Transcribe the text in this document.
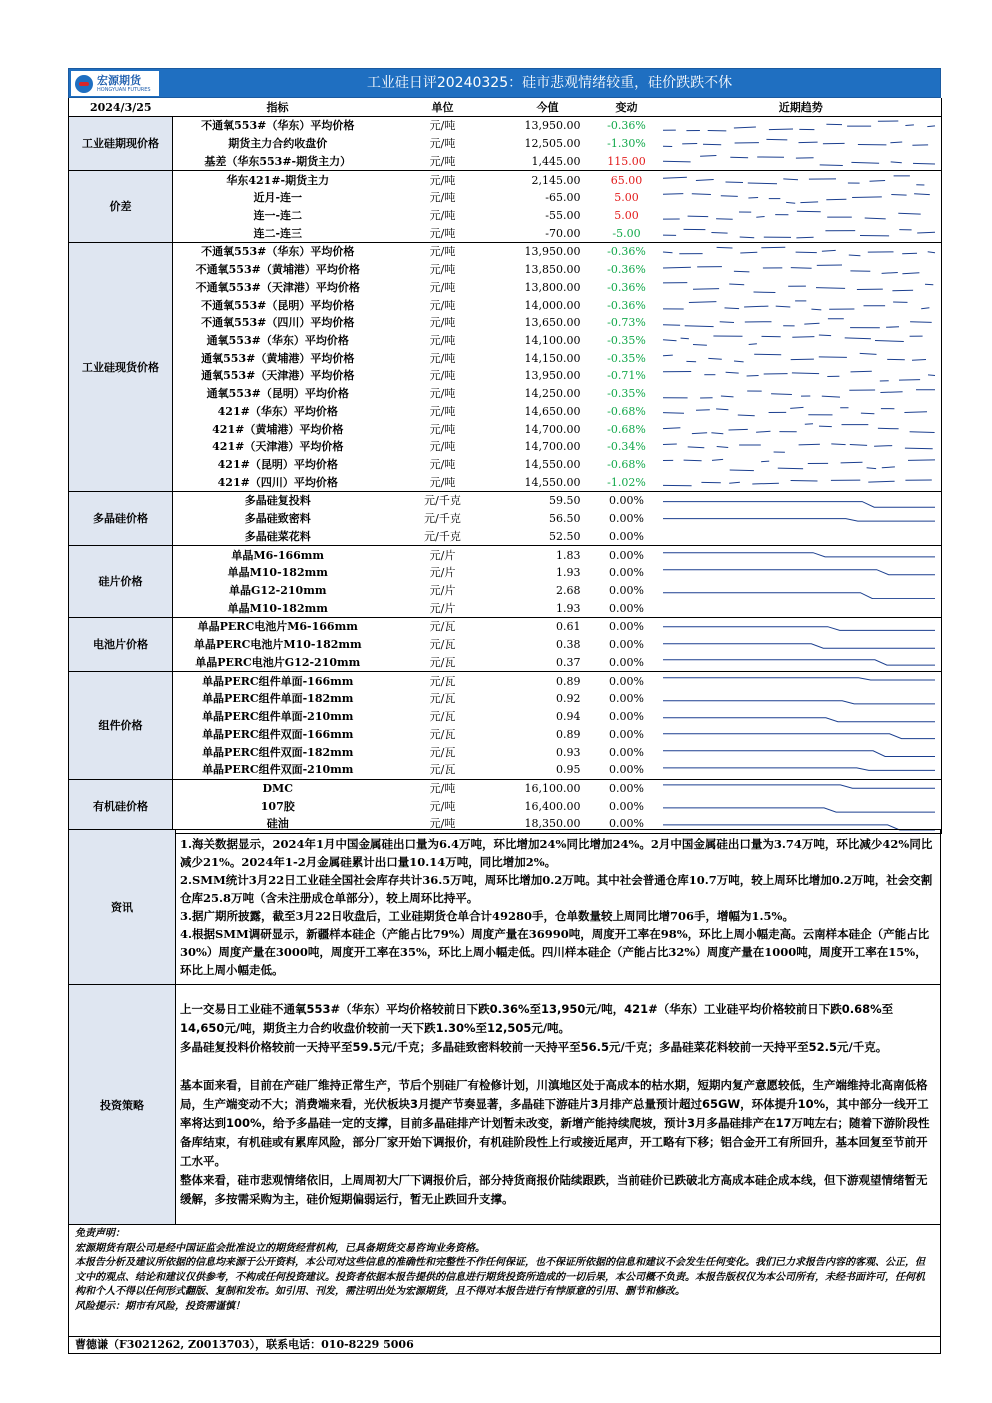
宏源期货
HONGYUAN FUTURES	工业硅日评20240325：硅市悲观情绪较重，硅价跌跌不休
2024/3/25	指标	单位	今值	变动	近期趋势
工业硅期现价格	不通氧553#（华东）平均价格	元/吨	13,950.00	-0.36%	

	期货主力合约收盘价	元/吨	12,505.00	-1.30%	

	基差（华东553#-期货主力）	元/吨	1,445.00	115.00	

价差	华东421#-期货主力	元/吨	2,145.00	65.00	

	近月-连一	元/吨	-65.00	5.00	

	连一-连二	元/吨	-55.00	5.00	

	连二-连三	元/吨	-70.00	-5.00	

工业硅现货价格	不通氧553#（华东）平均价格	元/吨	13,950.00	-0.36%	

	不通氧553#（黄埔港）平均价格	元/吨	13,850.00	-0.36%	

	不通氧553#（天津港）平均价格	元/吨	13,800.00	-0.36%	

	不通氧553#（昆明）平均价格	元/吨	14,000.00	-0.36%	

	不通氧553#（四川）平均价格	元/吨	13,650.00	-0.73%	

	通氧553#（华东）平均价格	元/吨	14,100.00	-0.35%	

	通氧553#（黄埔港）平均价格	元/吨	14,150.00	-0.35%	

	通氧553#（天津港）平均价格	元/吨	13,950.00	-0.71%	

	通氧553#（昆明）平均价格	元/吨	14,250.00	-0.35%	

	421#（华东）平均价格	元/吨	14,650.00	-0.68%	

	421#（黄埔港）平均价格	元/吨	14,700.00	-0.68%	

	421#（天津港）平均价格	元/吨	14,700.00	-0.34%	

	421#（昆明）平均价格	元/吨	14,550.00	-0.68%	

	421#（四川）平均价格	元/吨	14,550.00	-1.02%	

多晶硅价格	多晶硅复投料	元/千克	59.50	0.00%	

	多晶硅致密料	元/千克	56.50	0.00%	

	多晶硅菜花料	元/千克	52.50	0.00%	

硅片价格	单晶M6-166mm	元/片	1.83	0.00%	

	单晶M10-182mm	元/片	1.93	0.00%	

	单晶G12-210mm	元/片	2.68	0.00%	

	单晶M10-182mm	元/片	1.93	0.00%	

电池片价格	单晶PERC电池片M6-166mm	元/瓦	0.61	0.00%	

	单晶PERC电池片M10-182mm	元/瓦	0.38	0.00%	

	单晶PERC电池片G12-210mm	元/瓦	0.37	0.00%	

组件价格	单晶PERC组件单面-166mm	元/瓦	0.89	0.00%	

	单晶PERC组件单面-182mm	元/瓦	0.92	0.00%	

	单晶PERC组件单面-210mm	元/瓦	0.94	0.00%	

	单晶PERC组件双面-166mm	元/瓦	0.89	0.00%	

	单晶PERC组件双面-182mm	元/瓦	0.93	0.00%	

	单晶PERC组件双面-210mm	元/瓦	0.95	0.00%	

有机硅价格	DMC	元/吨	16,100.00	0.00%	

	107胶	元/吨	16,400.00	0.00%	

	硅油	元/吨	18,350.00	0.00%	
资讯	

1.海关数据显示，2024年1月中国金属硅出口量为6.4万吨，环比增加24%同比增加24%。2月中国金属硅出口量为3.74万吨，环比减少42%同比减少21%。2024年1-2月金属硅累计出口量10.14万吨，同比增加2%。

2.SMM统计3月22日工业硅全国社会库存共计36.5万吨，周环比增加0.2万吨。其中社会普通仓库10.7万吨，较上周环比增加0.2万吨，社会交割仓库25.8万吨（含未注册成仓单部分），较上周环比持平。

3.据广期所披露，截至3月22日收盘后，工业硅期货仓单合计49280手，仓单数量较上周同比增706手，增幅为1.5%。

4.根据SMM调研显示，新疆样本硅企（产能占比79%）周度产量在36990吨，周度开工率在98%，环比上周小幅走高。云南样本硅企（产能占比30%）周度产量在3000吨，周度开工率在35%，环比上周小幅走低。四川样本硅企（产能占比32%）周度产量在1000吨，周度开工率在15%，环比上周小幅走低。

投资策略	

上一交易日工业硅不通氧553#（华东）平均价格较前日下跌0.36%至13,950元/吨，421#（华东）工业硅平均价格较前日下跌0.68%至14,650元/吨，期货主力合约收盘价较前一天下跌1.30%至12,505元/吨。

多晶硅复投料价格较前一天持平至59.5元/千克；多晶硅致密料较前一天持平至56.5元/千克；多晶硅菜花料较前一天持平至52.5元/千克。

基本面来看，目前在产硅厂维持正常生产，节后个别硅厂有检修计划，川滇地区处于高成本的枯水期，短期内复产意愿较低，生产端维持北高南低格局，生产端变动不大；消费端来看，光伏板块3月提产节奏显著，多晶硅下游硅片3月排产总量预计超过65GW，环体提升10%，其中部分一线开工率将达到100%，给予多晶硅一定的支撑，目前多晶硅排产计划暂未改变，新增产能持续爬坡，预计3月多晶硅排产在17万吨左右；随着下游阶段性备库结束，有机硅或有累库风险，部分厂家开始下调报价，有机硅阶段性上行或接近尾声，开工略有下移；铝合金开工有所回升，基本回复至节前开工水平。

整体来看，硅市悲观情绪依旧，上周周初大厂下调报价后，部分持货商报价陆续跟跌，当前硅价已跌破北方高成本硅企成本线，但下游观望情绪暂无缓解，多按需采购为主，硅价短期偏弱运行，暂无止跌回升支撑。

免责声明：

宏源期货有限公司是经中国证监会批准设立的期货经营机构，已具备期货交易咨询业务资格。

本报告分析及建议所依据的信息均来源于公开资料，本公司对这些信息的准确性和完整性不作任何保证，也不保证所依据的信息和建议不会发生任何变化。我们已力求报告内容的客观、公正，但文中的观点、结论和建议仅供参考，不构成任何投资建议。投资者依据本报告提供的信息进行期货投资所造成的一切后果，本公司概不负责。本报告版权仅为本公司所有，未经书面许可，任何机构和个人不得以任何形式翻版、复制和发布。如引用、刊发，需注明出处为宏源期货，且不得对本报告进行有悖原意的引用、删节和修改。

风险提示：期市有风险，投资需谨慎！

曹德谦（F3021262, Z0013703），联系电话：010-8229 5006
